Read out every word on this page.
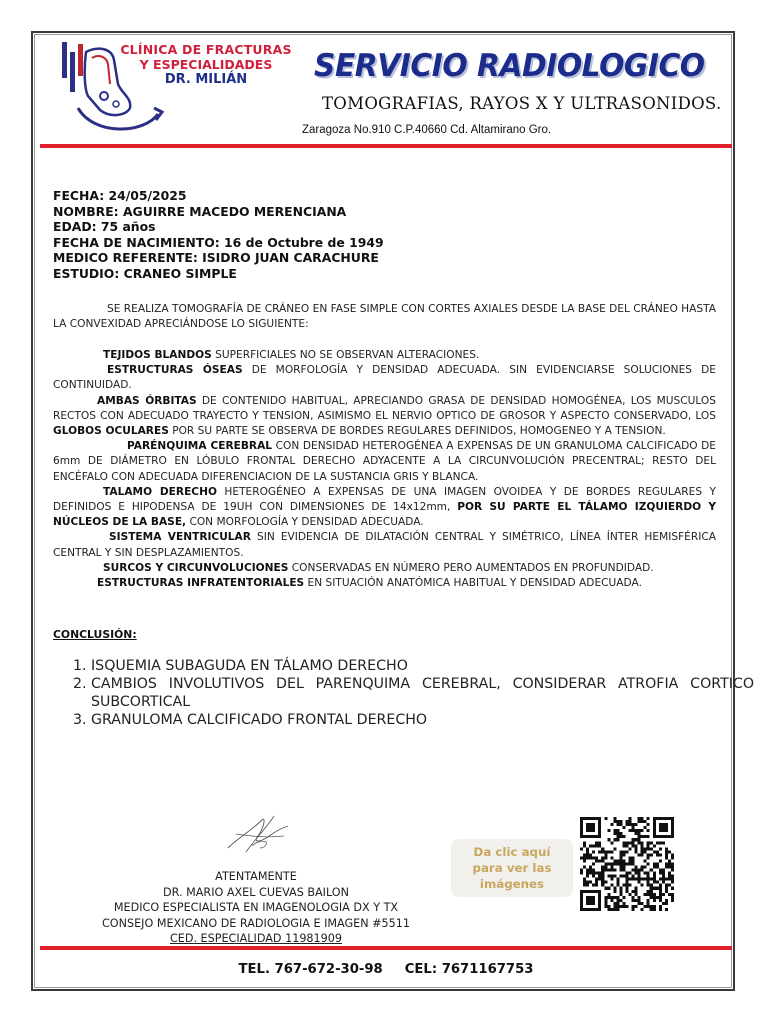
CLÍNICA DE FRACTURAS
Y ESPECIALIDADES
DR. MILIÁN	SERVICIO RADIOLOGICO
TOMOGRAFIAS, RAYOS X Y ULTRASONIDOS.
Zaragoza No.910 C.P.40660 Cd. Altamirano Gro.
FECHA: 24/05/2025
NOMBRE: AGUIRRE MACEDO MERENCIANA
EDAD: 75 años
FECHA DE NACIMIENTO: 16 de Octubre de 1949
MEDICO REFERENTE: ISIDRO JUAN CARACHURE
ESTUDIO: CRANEO SIMPLE

SE REALIZA TOMOGRAFÍA DE CRÁNEO EN FASE SIMPLE CON CORTES AXIALES DESDE LA BASE DEL CRÁNEO HASTA LA CONVEXIDAD APRECIÁNDOSE LO SIGUIENTE:

TEJIDOS BLANDOS SUPERFICIALES NO SE OBSERVAN ALTERACIONES.

ESTRUCTURAS ÓSEAS DE MORFOLOGÍA Y DENSIDAD ADECUADA. SIN EVIDENCIARSE SOLUCIONES DE CONTINUIDAD.

AMBAS ÓRBITAS DE CONTENIDO HABITUAL, APRECIANDO GRASA DE DENSIDAD HOMOGÉNEA, LOS MUSCULOS RECTOS CON ADECUADO TRAYECTO Y TENSION, ASIMISMO EL NERVIO OPTICO DE GROSOR Y ASPECTO CONSERVADO, LOS GLOBOS OCULARES POR SU PARTE SE OBSERVA DE BORDES REGULARES DEFINIDOS, HOMOGENEO Y A TENSION.

PARÉNQUIMA CEREBRAL CON DENSIDAD HETEROGÉNEA A EXPENSAS DE UN GRANULOMA CALCIFICADO DE 6mm DE DIÁMETRO EN LÓBULO FRONTAL DERECHO ADYACENTE A LA CIRCUNVOLUCIÓN PRECENTRAL; RESTO DEL ENCÉFALO CON ADECUADA DIFERENCIACION DE LA SUSTANCIA GRIS Y BLANCA.

TALAMO DERECHO HETEROGÉNEO A EXPENSAS DE UNA IMAGEN OVOIDEA Y DE BORDES REGULARES Y DEFINIDOS E HIPODENSA DE 19UH CON DIMENSIONES DE 14x12mm, POR SU PARTE EL TÁLAMO IZQUIERDO Y NÚCLEOS DE LA BASE, CON MORFOLOGÍA Y DENSIDAD ADECUADA.

SISTEMA VENTRICULAR SIN EVIDENCIA DE DILATACIÓN CENTRAL Y SIMÉTRICO, LÍNEA ÍNTER HEMISFÉRICA CENTRAL Y SIN DESPLAZAMIENTOS.

SURCOS Y CIRCUNVOLUCIONES CONSERVADAS EN NÚMERO PERO AUMENTADOS EN PROFUNDIDAD.

ESTRUCTURAS INFRATENTORIALES EN SITUACIÓN ANATÓMICA HABITUAL Y DENSIDAD ADECUADA.

CONCLUSIÓN:
1. ISQUEMIA SUBAGUDA EN TÁLAMO DERECHO
2. CAMBIOS INVOLUTIVOS DEL PARENQUIMA CEREBRAL, CONSIDERAR ATROFIA CORTICO SUBCORTICAL
3. GRANULOMA CALCIFICADO FRONTAL DERECHO
ATENTAMENTE
DR. MARIO AXEL CUEVAS BAILON
MEDICO ESPECIALISTA EN IMAGENOLOGIA DX Y TX
CONSEJO MEXICANO DE RADIOLOGIA E IMAGEN #5511
CED. ESPECIALIDAD 11981909
Da clic aquí
para ver las
imágenes
TEL. 767-672-30-98 CEL: 7671167753
